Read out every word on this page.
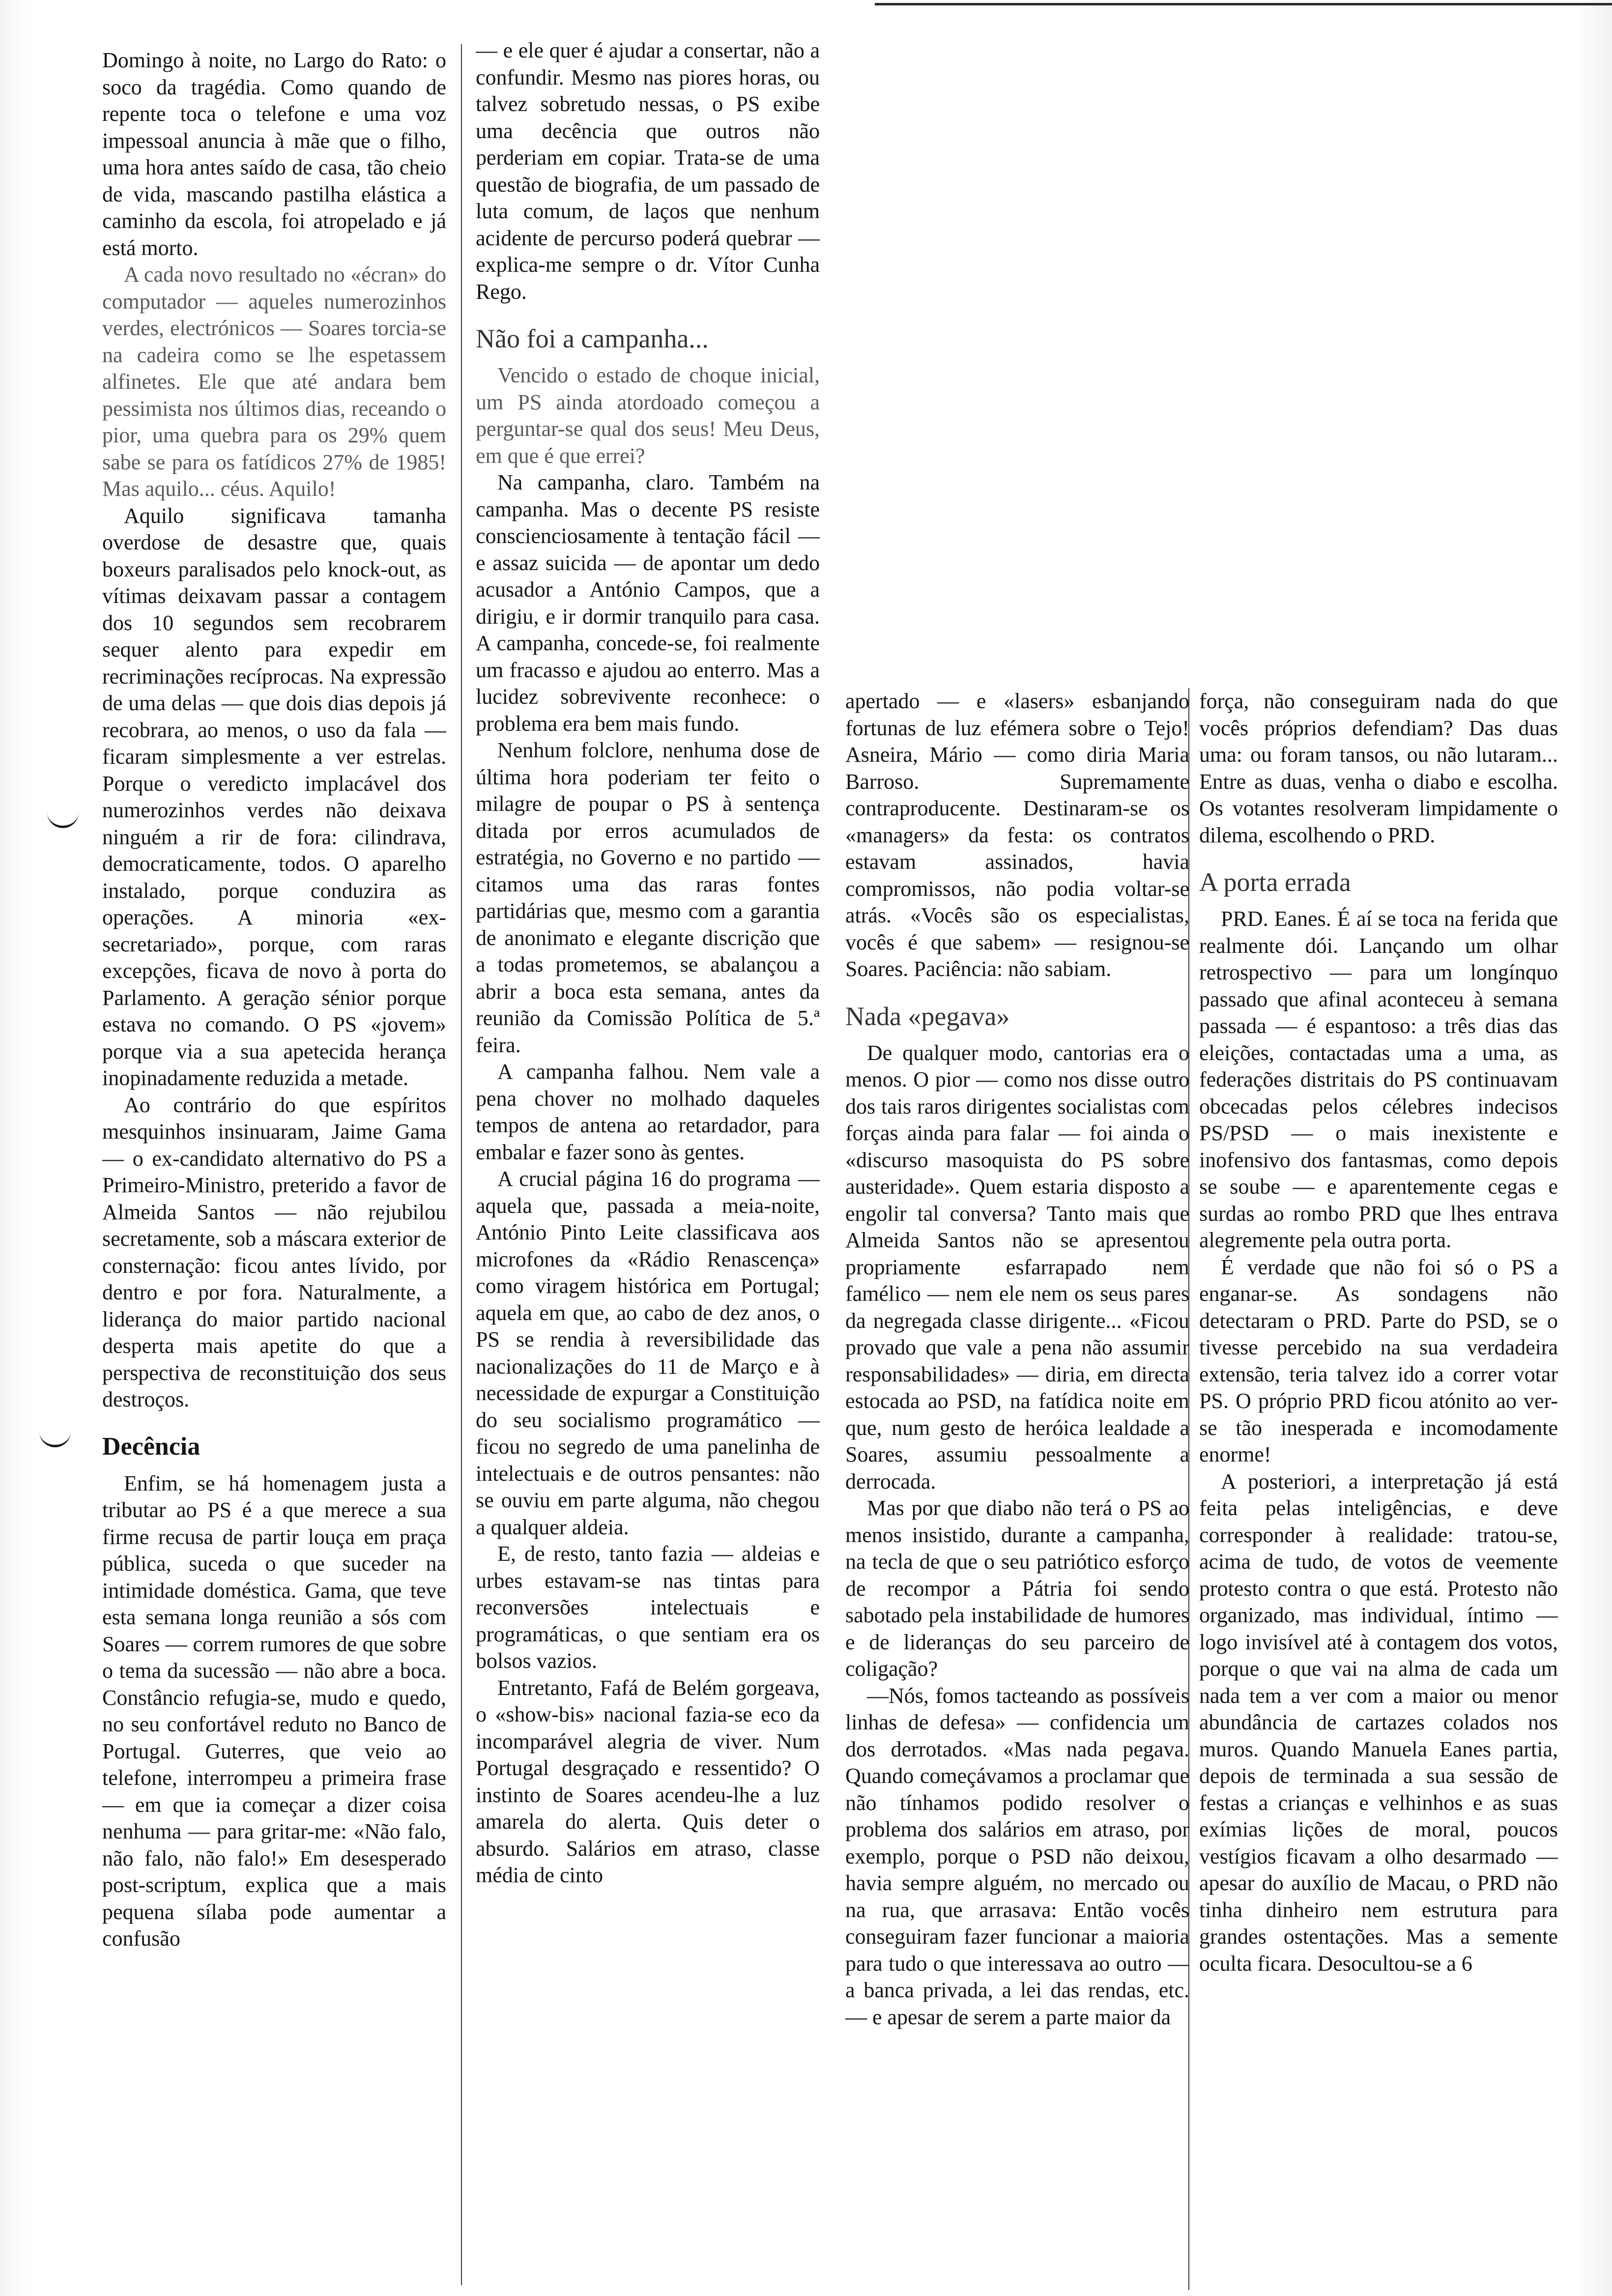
Domingo à noite, no Largo do Rato: o soco da tragédia. Como quando de repente toca o telefone e uma voz impessoal anuncia à mãe que o filho, uma hora antes saído de casa, tão cheio de vida, mascando pastilha elástica a caminho da escola, foi atropelado e já está morto.

A cada novo resultado no «écran» do computador — aqueles numerozinhos verdes, electrónicos — Soares torcia-se na cadeira como se lhe espetassem alfinetes. Ele que até andara bem pessimista nos últimos dias, receando o pior, uma quebra para os 29% quem sabe se para os fatídicos 27% de 1985! Mas aquilo... céus. Aquilo!

Aquilo significava tamanha overdose de desastre que, quais boxeurs paralisados pelo knock-out, as vítimas deixavam passar a contagem dos 10 segundos sem recobrarem sequer alento para expedir em recriminações recíprocas. Na expressão de uma delas — que dois dias depois já recobrara, ao menos, o uso da fala — ficaram simplesmente a ver estrelas. Porque o veredicto implacável dos numerozinhos verdes não deixava ninguém a rir de fora: cilindrava, democraticamente, todos. O aparelho instalado, porque conduzira as operações. A minoria «ex-secretariado», porque, com raras excepções, ficava de novo à porta do Parlamento. A geração sénior porque estava no comando. O PS «jovem» porque via a sua apetecida herança inopinadamente reduzida a metade.

Ao contrário do que espíritos mesquinhos insinuaram, Jaime Gama — o ex-candidato alternativo do PS a Primeiro-Ministro, preterido a favor de Almeida Santos — não rejubilou secretamente, sob a máscara exterior de consternação: ficou antes lívido, por dentro e por fora. Naturalmente, a liderança do maior partido nacional desperta mais apetite do que a perspectiva de reconstituição dos seus destroços.

Decência

Enfim, se há homenagem justa a tributar ao PS é a que merece a sua firme recusa de partir louça em praça pública, suceda o que suceder na intimidade doméstica. Gama, que teve esta semana longa reunião a sós com Soares — correm rumores de que sobre o tema da sucessão — não abre a boca. Constâncio refugia-se, mudo e quedo, no seu confortável reduto no Banco de Portugal. Guterres, que veio ao telefone, interrompeu a primeira frase — em que ia começar a dizer coisa nenhuma — para gritar-me: «Não falo, não falo, não falo!» Em desesperado post-scriptum, explica que a mais pequena sílaba pode aumentar a confusão

— e ele quer é ajudar a consertar, não a confundir. Mesmo nas piores horas, ou talvez sobretudo nessas, o PS exibe uma decência que outros não perderiam em copiar. Trata-se de uma questão de biografia, de um passado de luta comum, de laços que nenhum acidente de percurso poderá quebrar — explica-me sempre o dr. Vítor Cunha Rego.

Não foi a campanha...

Vencido o estado de choque inicial, um PS ainda atordoado começou a perguntar-se qual dos seus! Meu Deus, em que é que errei?

Na campanha, claro. Também na campanha. Mas o decente PS resiste conscienciosamente à tentação fácil — e assaz suicida — de apontar um dedo acusador a António Campos, que a dirigiu, e ir dormir tranquilo para casa. A campanha, concede-se, foi realmente um fracasso e ajudou ao enterro. Mas a lucidez sobrevivente reconhece: o problema era bem mais fundo.

Nenhum folclore, nenhuma dose de última hora poderiam ter feito o milagre de poupar o PS à sentença ditada por erros acumulados de estratégia, no Governo e no partido — citamos uma das raras fontes partidárias que, mesmo com a garantia de anonimato e elegante discrição que a todas prometemos, se abalançou a abrir a boca esta semana, antes da reunião da Comissão Política de 5.ª feira.

A campanha falhou. Nem vale a pena chover no molhado daqueles tempos de antena ao retardador, para embalar e fazer sono às gentes.

A crucial página 16 do programa — aquela que, passada a meia-noite, António Pinto Leite classificava aos microfones da «Rádio Renascença» como viragem histórica em Portugal; aquela em que, ao cabo de dez anos, o PS se rendia à reversibilidade das nacionalizações do 11 de Março e à necessidade de expurgar a Constituição do seu socialismo programático — ficou no segredo de uma panelinha de intelectuais e de outros pensantes: não se ouviu em parte alguma, não chegou a qualquer aldeia.

E, de resto, tanto fazia — aldeias e urbes estavam-se nas tintas para reconversões intelectuais e programáticas, o que sentiam era os bolsos vazios.

Entretanto, Fafá de Belém gorgeava, o «show-bis» nacional fazia-se eco da incomparável alegria de viver. Num Portugal desgraçado e ressentido? O instinto de Soares acendeu-lhe a luz amarela do alerta. Quis deter o absurdo. Salários em atraso, classe média de cinto

apertado — e «lasers» esbanjando fortunas de luz efémera sobre o Tejo! Asneira, Mário — como diria Maria Barroso. Supremamente contraproducente. Destinaram-se os «managers» da festa: os contratos estavam assinados, havia compromissos, não podia voltar-se atrás. «Vocês são os especialistas, vocês é que sabem» — resignou-se Soares. Paciência: não sabiam.

Nada «pegava»

De qualquer modo, cantorias era o menos. O pior — como nos disse outro dos tais raros dirigentes socialistas com forças ainda para falar — foi ainda o «discurso masoquista do PS sobre austeridade». Quem estaria disposto a engolir tal conversa? Tanto mais que Almeida Santos não se apresentou propriamente esfarrapado nem famélico — nem ele nem os seus pares da negregada classe dirigente... «Ficou provado que vale a pena não assumir responsabilidades» — diria, em directa estocada ao PSD, na fatídica noite em que, num gesto de heróica lealdade a Soares, assumiu pessoalmente a derrocada.

Mas por que diabo não terá o PS ao menos insistido, durante a campanha, na tecla de que o seu patriótico esforço de recompor a Pátria foi sendo sabotado pela instabilidade de humores e de lideranças do seu parceiro de coligação?

—Nós, fomos tacteando as possíveis linhas de defesa» — confidencia um dos derrotados. «Mas nada pegava. Quando começávamos a proclamar que não tínhamos podido resolver o problema dos salários em atraso, por exemplo, porque o PSD não deixou, havia sempre alguém, no mercado ou na rua, que arrasava: Então vocês conseguiram fazer funcionar a maioria para tudo o que interessava ao outro — a banca privada, a lei das rendas, etc. — e apesar de serem a parte maior da

força, não conseguiram nada do que vocês próprios defendiam? Das duas uma: ou foram tansos, ou não lutaram... Entre as duas, venha o diabo e escolha. Os votantes resolveram limpidamente o dilema, escolhendo o PRD.

A porta errada

PRD. Eanes. É aí se toca na ferida que realmente dói. Lançando um olhar retrospectivo — para um longínquo passado que afinal aconteceu à semana passada — é espantoso: a três dias das eleições, contactadas uma a uma, as federações distritais do PS continuavam obcecadas pelos célebres indecisos PS/PSD — o mais inexistente e inofensivo dos fantasmas, como depois se soube — e aparentemente cegas e surdas ao rombo PRD que lhes entrava alegremente pela outra porta.

É verdade que não foi só o PS a enganar-se. As sondagens não detectaram o PRD. Parte do PSD, se o tivesse percebido na sua verdadeira extensão, teria talvez ido a correr votar PS. O próprio PRD ficou atónito ao ver-se tão inesperada e incomodamente enorme!

A posteriori, a interpretação já está feita pelas inteligências, e deve corresponder à realidade: tratou-se, acima de tudo, de votos de veemente protesto contra o que está. Protesto não organizado, mas individual, íntimo — logo invisível até à contagem dos votos, porque o que vai na alma de cada um nada tem a ver com a maior ou menor abundância de cartazes colados nos muros. Quando Manuela Eanes partia, depois de terminada a sua sessão de festas a crianças e velhinhos e as suas exímias lições de moral, poucos vestígios ficavam a olho desarmado — apesar do auxílio de Macau, o PRD não tinha dinheiro nem estrutura para grandes ostentações. Mas a semente oculta ficara. Desocultou-se a 6
